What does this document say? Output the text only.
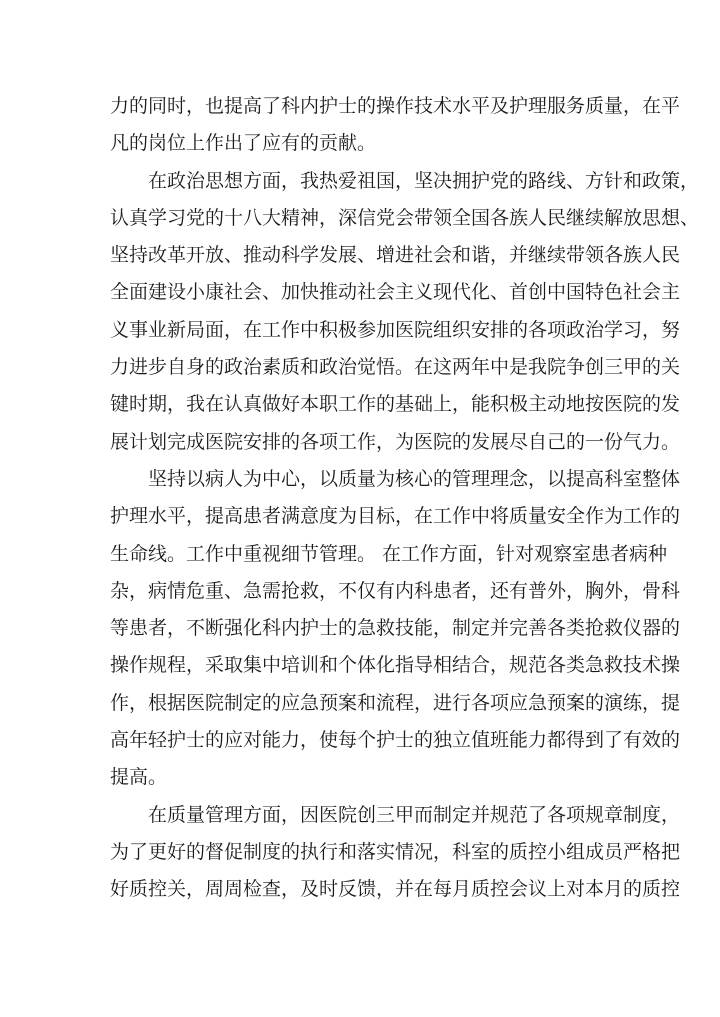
力的同时，也提高了科内护士的操作技术水平及护理服务质量，在平
凡的岗位上作出了应有的贡献。
在政治思想方面，我热爱祖国，坚决拥护党的路线、方针和政策，
认真学习党的十八大精神，深信党会带领全国各族人民继续解放思想、
坚持改革开放、推动科学发展、增进社会和谐，并继续带领各族人民
全面建设小康社会、加快推动社会主义现代化、首创中国特色社会主
义事业新局面，在工作中积极参加医院组织安排的各项政治学习，努
力进步自身的政治素质和政治觉悟。在这两年中是我院争创三甲的关
键时期，我在认真做好本职工作的基础上，能积极主动地按医院的发
展计划完成医院安排的各项工作，为医院的发展尽自己的一份气力。
坚持以病人为中心，以质量为核心的管理理念，以提高科室整体
护理水平，提高患者满意度为目标，在工作中将质量安全作为工作的
生命线。工作中重视细节管理。 在工作方面，针对观察室患者病种
杂，病情危重、急需抢救，不仅有内科患者，还有普外，胸外，骨科
等患者，不断强化科内护士的急救技能，制定并完善各类抢救仪器的
操作规程，采取集中培训和个体化指导相结合，规范各类急救技术操
作，根据医院制定的应急预案和流程，进行各项应急预案的演练，提
高年轻护士的应对能力，使每个护士的独立值班能力都得到了有效的
提高。
在质量管理方面，因医院创三甲而制定并规范了各项规章制度，
为了更好的督促制度的执行和落实情况，科室的质控小组成员严格把
好质控关，周周检查，及时反馈，并在每月质控会议上对本月的质控
